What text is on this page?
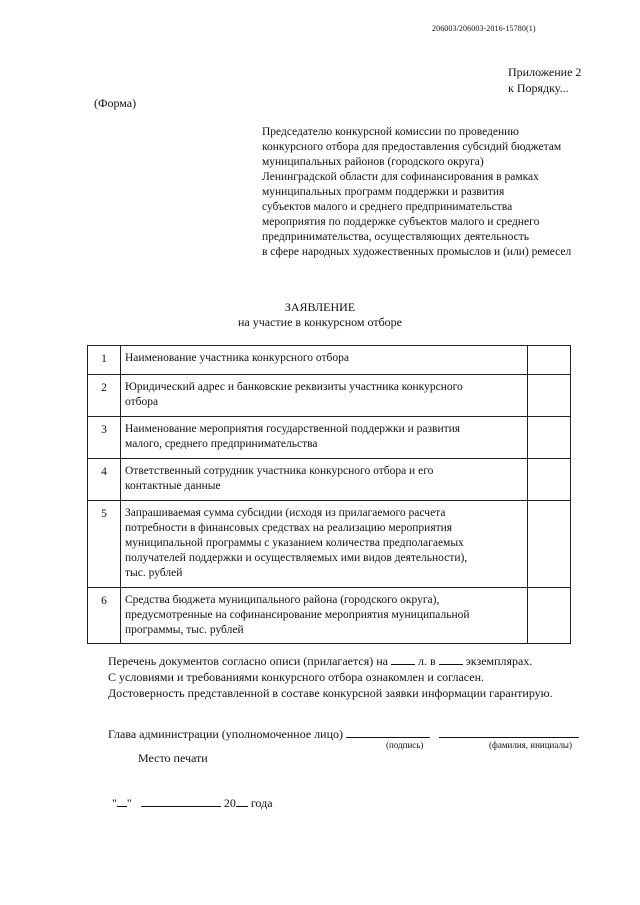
206003/206003-2016-15780(1)
Приложение 2
к Порядку...
(Форма)
Председателю конкурсной комиссии по проведению
конкурсного отбора для предоставления субсидий бюджетам
муниципальных районов (городского округа)
Ленинградской области для софинансирования в рамках
муниципальных программ поддержки и развития
субъектов малого и среднего предпринимательства
мероприятия по поддержке субъектов малого и среднего
предпринимательства, осуществляющих деятельность
в сфере народных художественных промыслов и (или) ремесел
ЗАЯВЛЕНИЕ
на участие в конкурсном отборе
1	Наименование участника конкурсного отбора	

2	Юридический адрес и банковские реквизиты участника конкурсного
отбора	

3	Наименование мероприятия государственной поддержки и развития
малого, среднего предпринимательства	

4	Ответственный сотрудник участника конкурсного отбора и его
контактные данные	

5	Запрашиваемая сумма субсидии (исходя из прилагаемого расчета
потребности в финансовых средствах на реализацию мероприятия
муниципальной программы с указанием количества предполагаемых
получателей поддержки и осуществляемых ими видов деятельности),
тыс. рублей	

6	Средства бюджета муниципального района (городского округа),
предусмотренные на софинансирование мероприятия муниципальной
программы, тыс. рублей	

Перечень документов согласно описи (прилагается) на	л. в	экземплярах.
С условиями и требованиями конкурсного отбора ознакомлен и согласен.
Достоверность представленной в составе конкурсной заявки информации гарантирую.
Глава администрации (уполномоченное лицо)
(подпись)	(фамилия, инициалы)
Место печати
" "	20 года
